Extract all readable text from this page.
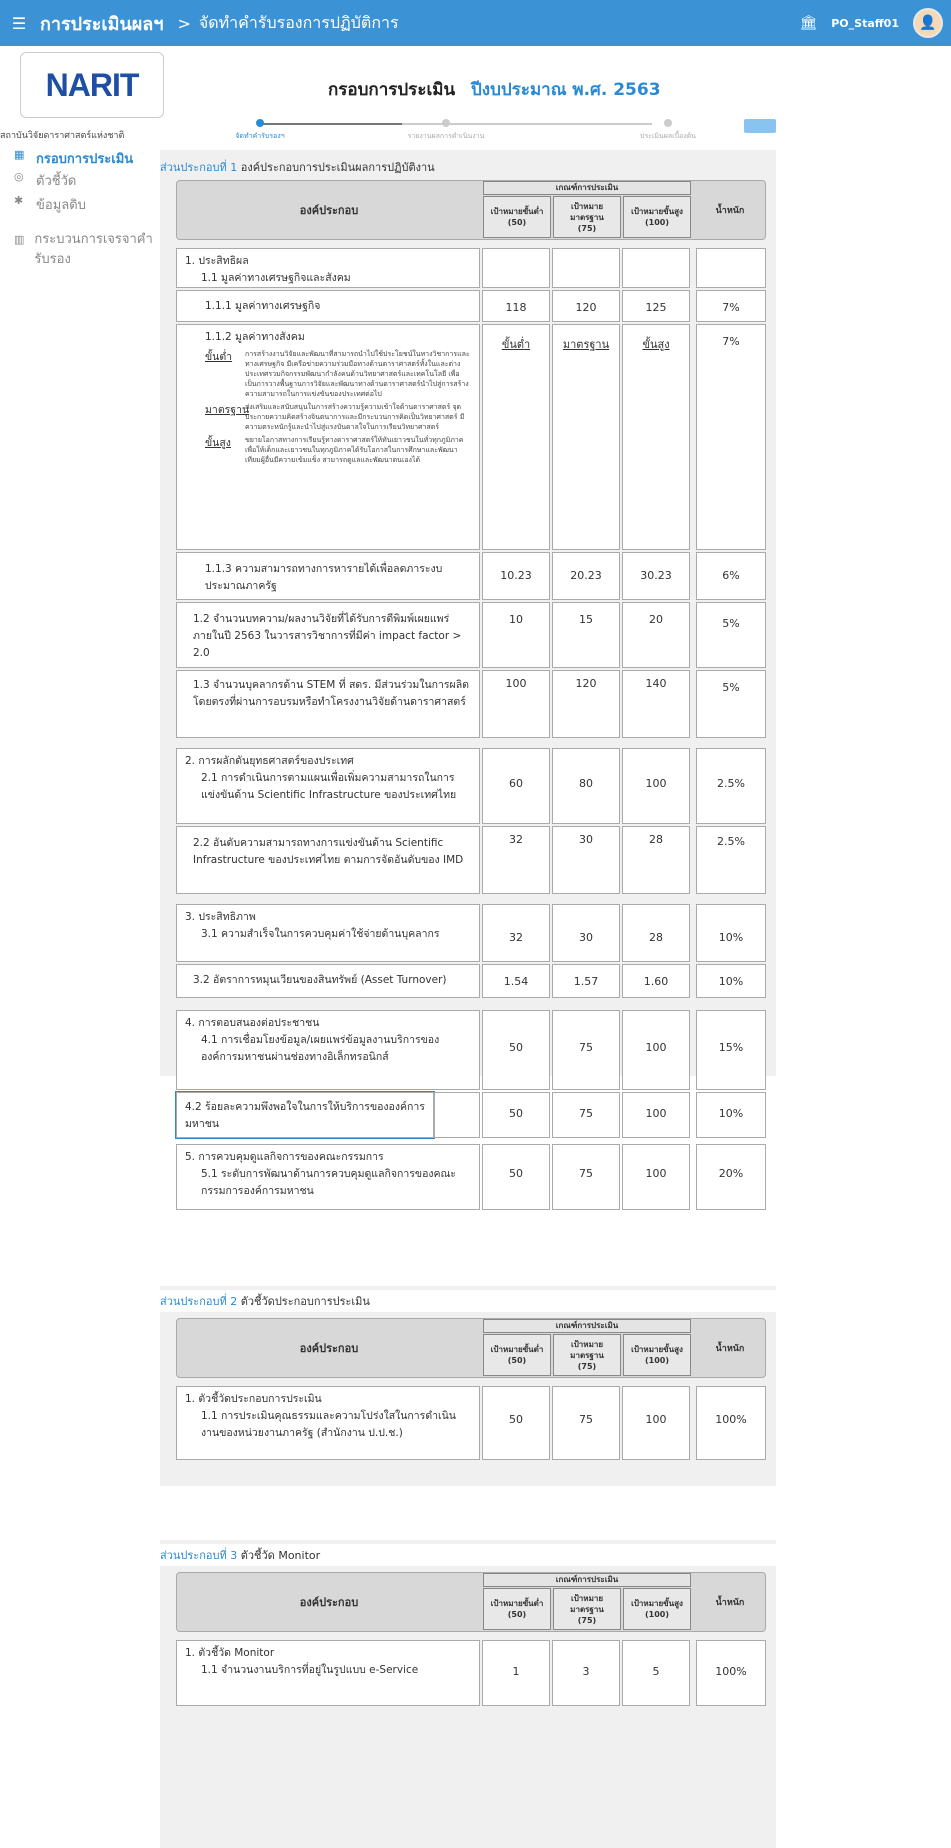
☰ การประเมินผลฯ > จัดทำคำรับรองการปฏิบัติการ	🏛 PO_Staff01	👤
NARIT
สถาบันวิจัยดาราศาสตร์แห่งชาติ
▦ กรอบการประเมิน
◎ ตัวชี้วัด
✱ ข้อมูลดิบ
▥ กระบวนการเจรจาคำรับรอง
กรอบการประเมิน ปีงบประมาณ พ.ศ. 2563
จัดทำคำรับรองฯ	รายงานผลการดำเนินงาน	ประเมินผลเบื้องต้น
ส่วนประกอบที่ 1 องค์ประกอบการประเมินผลการปฏิบัติงาน
องค์ประกอบ
เกณฑ์การประเมิน
เป้าหมายขั้นต่ำ
(50)
เป้าหมาย
มาตรฐาน
(75)
เป้าหมายขั้นสูง
(100)
น้ำหนัก
1. ประสิทธิผล
1.1 มูลค่าทางเศรษฐกิจและสังคม
1.1.1 มูลค่าทางเศรษฐกิจ	118	120	125	7%
1.1.2 มูลค่าทางสังคม
ขั้นต่ำ	การสร้างงานวิจัยและพัฒนาที่สามารถนำไปใช้ประโยชน์ในทางวิชาการและทางเศรษฐกิจ มีเครือข่ายความร่วมมือทางด้านดาราศาสตร์ทั้งในและต่างประเทศรวมกิจกรรมพัฒนากำลังคนด้านวิทยาศาสตร์และเทคโนโลยี เพื่อเป็นการวางพื้นฐานการวิจัยและพัฒนาทางด้านดาราศาสตร์นำไปสู่การสร้างความสามารถในการแข่งขันของประเทศต่อไป
มาตรฐาน
ส่งเสริมและสนับสนุนในการสร้างความรู้ความเข้าใจด้านดาราศาสตร์ จุดประกายความคิดสร้างจินตนาการและมีกระบวนการคิดเป็นวิทยาศาสตร์ มีความตระหนักรู้และนำไปสู่แรงบันดาลใจในการเรียนวิทยาศาสตร์
ขั้นสูง	ขยายโอกาสทางการเรียนรู้ทางดาราศาสตร์ให้ทันเยาวชนในทั่วทุกภูมิภาค เพื่อให้เด็กและเยาวชนในทุกภูมิภาคได้รับโอกาสในการศึกษาและพัฒนาเทียมผู้อื่นมีความเข้มแข็ง สามารถดูแลและพัฒนาตนเองได้
ขั้นต่ำ	มาตรฐาน	ขั้นสูง	7%
1.1.3 ความสามารถทางการหารายได้เพื่อลดภาระงบประมาณภาครัฐ
10.23	20.23	30.23	6%
1.2 จำนวนบทความ/ผลงานวิจัยที่ได้รับการตีพิมพ์เผยแพร่ภายในปี 2563 ในวารสารวิชาการที่มีค่า impact factor > 2.0
10	15	20	5%
1.3 จำนวนบุคลากรด้าน STEM ที่ สดร. มีส่วนร่วมในการผลิตโดยตรงที่ผ่านการอบรมหรือทำโครงงานวิจัยด้านดาราศาสตร์
100	120	140	5%
2. การผลักดันยุทธศาสตร์ของประเทศ
2.1 การดำเนินการตามแผนเพื่อเพิ่มความสามารถในการแข่งขันด้าน Scientific Infrastructure ของประเทศไทย
60	80	100	2.5%
2.2 อันดับความสามารถทางการแข่งขันด้าน Scientific Infrastructure ของประเทศไทย ตามการจัดอันดับของ IMD
32	30	28	2.5%
3. ประสิทธิภาพ
3.1 ความสำเร็จในการควบคุมค่าใช้จ่ายด้านบุคลากร	32	30	28	10%
3.2 อัตราการหมุนเวียนของสินทรัพย์ (Asset Turnover)	1.54	1.57	1.60	10%
4. การตอบสนองต่อประชาชน
4.1 การเชื่อมโยงข้อมูล/เผยแพร่ข้อมูลงานบริการขององค์การมหาชนผ่านช่องทางอิเล็กทรอนิกส์
50	75	100	15%
4.2 ร้อยละความพึงพอใจในการให้บริการขององค์การมหาชน
50	75	100	10%
5. การควบคุมดูแลกิจการของคณะกรรมการ
5.1 ระดับการพัฒนาด้านการควบคุมดูแลกิจการของคณะกรรมการองค์การมหาชน
50	75	100	20%
ส่วนประกอบที่ 2 ตัวชี้วัดประกอบการประเมิน
องค์ประกอบ
เกณฑ์การประเมิน
เป้าหมายขั้นต่ำ
(50)
เป้าหมาย
มาตรฐาน
(75)
เป้าหมายขั้นสูง
(100)
น้ำหนัก
1. ตัวชี้วัดประกอบการประเมิน
1.1 การประเมินคุณธรรมและความโปร่งใสในการดำเนินงานของหน่วยงานภาครัฐ (สำนักงาน ป.ป.ช.)
50	75	100	100%
ส่วนประกอบที่ 3 ตัวชี้วัด Monitor
องค์ประกอบ
เกณฑ์การประเมิน
เป้าหมายขั้นต่ำ
(50)
เป้าหมาย
มาตรฐาน
(75)
เป้าหมายขั้นสูง
(100)
น้ำหนัก
1. ตัวชี้วัด Monitor
1.1 จำนวนงานบริการที่อยู่ในรูปแบบ e-Service	1	3	5	100%
